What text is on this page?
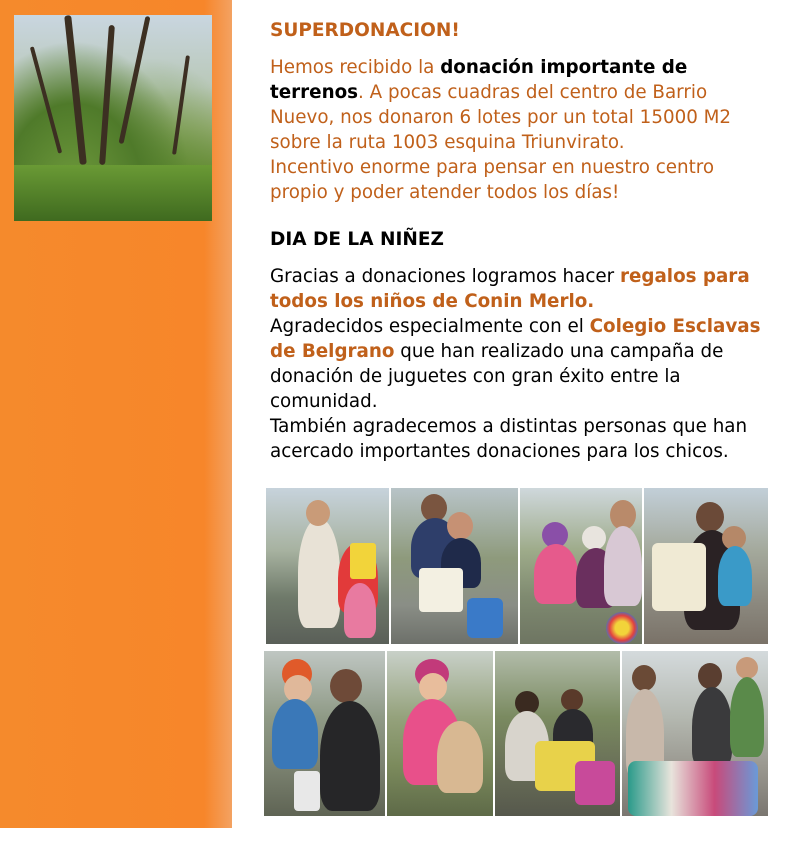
SUPERDONACION!

Hemos recibido la donación importante de terrenos. A pocas cuadras del centro de Barrio Nuevo, nos donaron 6 lotes por un total 15000 M2 sobre la ruta 1003 esquina Triunvirato.
Incentivo enorme para pensar en nuestro centro propio y poder atender todos los días!

DIA DE LA NIÑEZ

Gracias a donaciones logramos hacer regalos para todos los niños de Conin Merlo.
Agradecidos especialmente con el Colegio Esclavas de Belgrano que han realizado una campaña de donación de juguetes con gran éxito entre la comunidad.
También agradecemos a distintas personas que han acercado importantes donaciones para los chicos.
